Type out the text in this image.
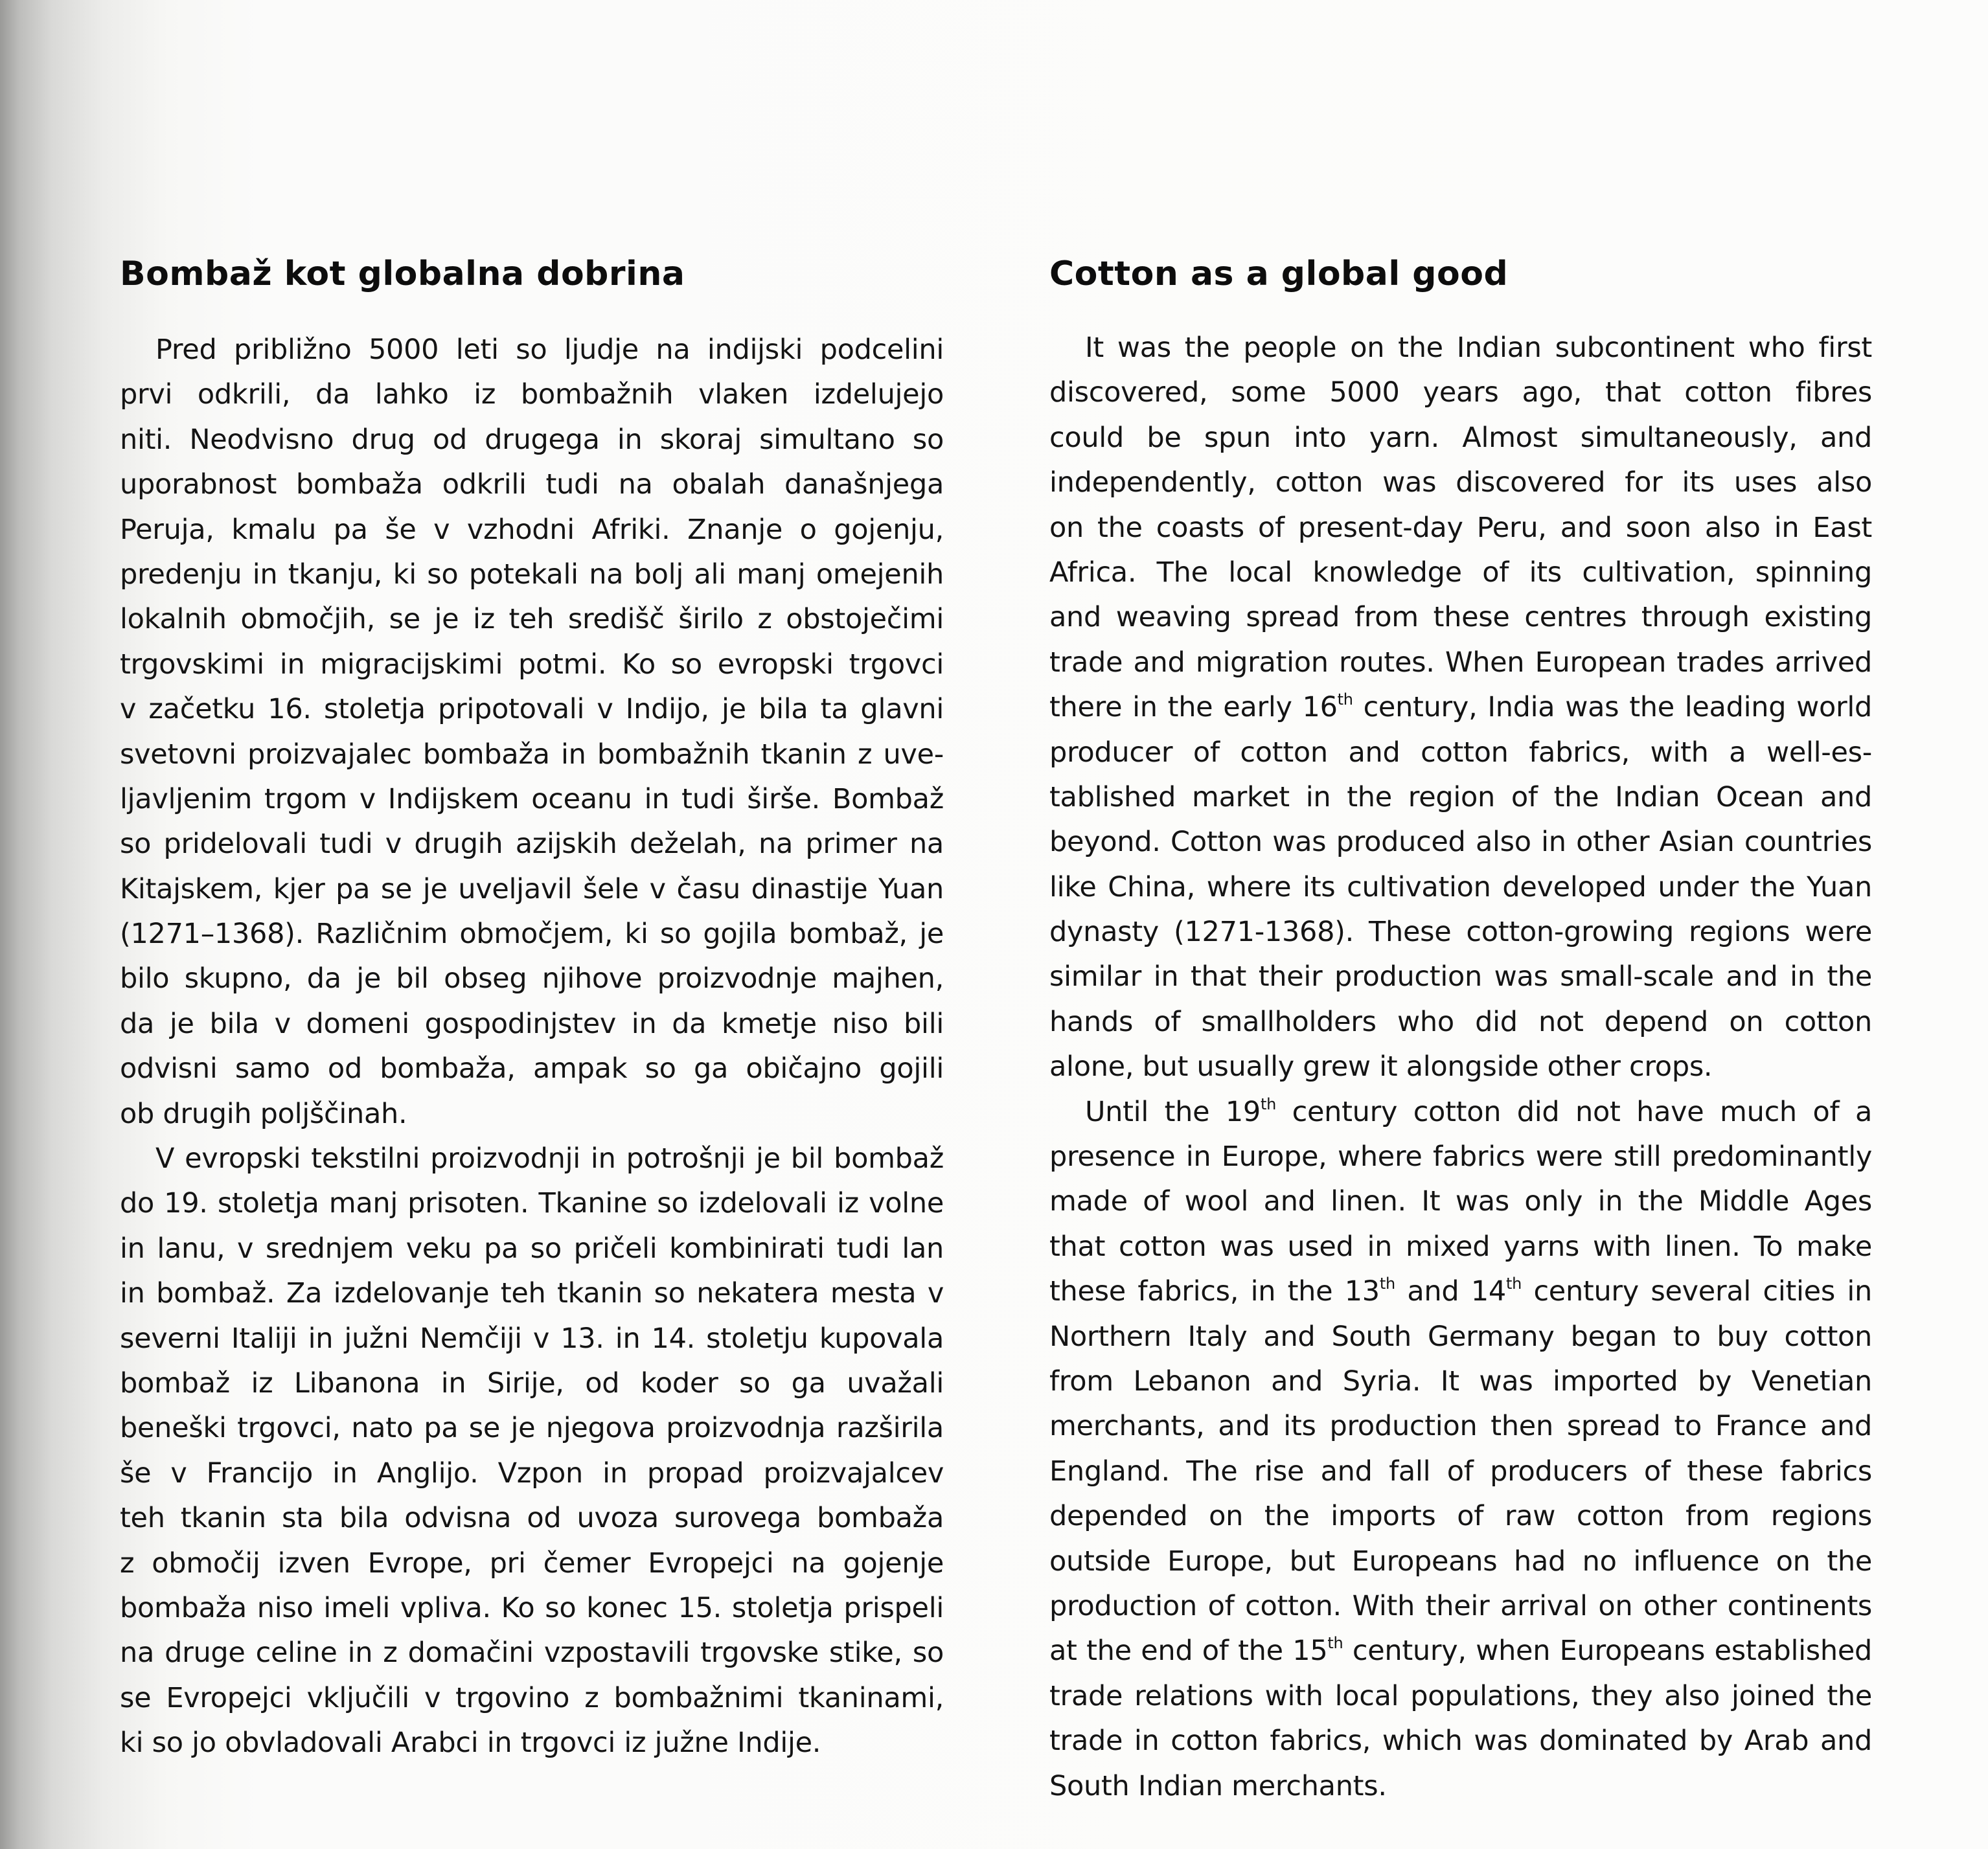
Bombaž kot globalna dobrina
Pred približno 5000 leti so ljudje na indijski podcelini
prvi odkrili, da lahko iz bombažnih vlaken izdelujejo
niti. Neodvisno drug od drugega in skoraj simultano so
uporabnost bombaža odkrili tudi na obalah današnjega
Peruja, kmalu pa še v vzhodni Afriki. Znanje o gojenju,
predenju in tkanju, ki so potekali na bolj ali manj omejenih
lokalnih območjih, se je iz teh središč širilo z obstoječimi
trgovskimi in migracijskimi potmi. Ko so evropski trgovci
v začetku 16. stoletja pripotovali v Indijo, je bila ta glavni
svetovni proizvajalec bombaža in bombažnih tkanin z uve-
ljavljenim trgom v Indijskem oceanu in tudi širše. Bombaž
so pridelovali tudi v drugih azijskih deželah, na primer na
Kitajskem, kjer pa se je uveljavil šele v času dinastije Yuan
(1271–1368). Različnim območjem, ki so gojila bombaž, je
bilo skupno, da je bil obseg njihove proizvodnje majhen,
da je bila v domeni gospodinjstev in da kmetje niso bili
odvisni samo od bombaža, ampak so ga običajno gojili
ob drugih poljščinah.
V evropski tekstilni proizvodnji in potrošnji je bil bombaž
do 19. stoletja manj prisoten. Tkanine so izdelovali iz volne
in lanu, v srednjem veku pa so pričeli kombinirati tudi lan
in bombaž. Za izdelovanje teh tkanin so nekatera mesta v
severni Italiji in južni Nemčiji v 13. in 14. stoletju kupovala
bombaž iz Libanona in Sirije, od koder so ga uvažali
beneški trgovci, nato pa se je njegova proizvodnja razširila
še v Francijo in Anglijo. Vzpon in propad proizvajalcev
teh tkanin sta bila odvisna od uvoza surovega bombaža
z območij izven Evrope, pri čemer Evropejci na gojenje
bombaža niso imeli vpliva. Ko so konec 15. stoletja prispeli
na druge celine in z domačini vzpostavili trgovske stike, so
se Evropejci vključili v trgovino z bombažnimi tkaninami,
ki so jo obvladovali Arabci in trgovci iz južne Indije.
Cotton as a global good
It was the people on the Indian subcontinent who first
discovered, some 5000 years ago, that cotton fibres
could be spun into yarn. Almost simultaneously, and
independently, cotton was discovered for its uses also
on the coasts of present-day Peru, and soon also in East
Africa. The local knowledge of its cultivation, spinning
and weaving spread from these centres through existing
trade and migration routes. When European trades arrived
there in the early 16th century, India was the leading world
producer of cotton and cotton fabrics, with a well-es-
tablished market in the region of the Indian Ocean and
beyond. Cotton was produced also in other Asian countries
like China, where its cultivation developed under the Yuan
dynasty (1271-1368). These cotton-growing regions were
similar in that their production was small-scale and in the
hands of smallholders who did not depend on cotton
alone, but usually grew it alongside other crops.
Until the 19th century cotton did not have much of a
presence in Europe, where fabrics were still predominantly
made of wool and linen. It was only in the Middle Ages
that cotton was used in mixed yarns with linen. To make
these fabrics, in the 13th and 14th century several cities in
Northern Italy and South Germany began to buy cotton
from Lebanon and Syria. It was imported by Venetian
merchants, and its production then spread to France and
England. The rise and fall of producers of these fabrics
depended on the imports of raw cotton from regions
outside Europe, but Europeans had no influence on the
production of cotton. With their arrival on other continents
at the end of the 15th century, when Europeans established
trade relations with local populations, they also joined the
trade in cotton fabrics, which was dominated by Arab and
South Indian merchants.
